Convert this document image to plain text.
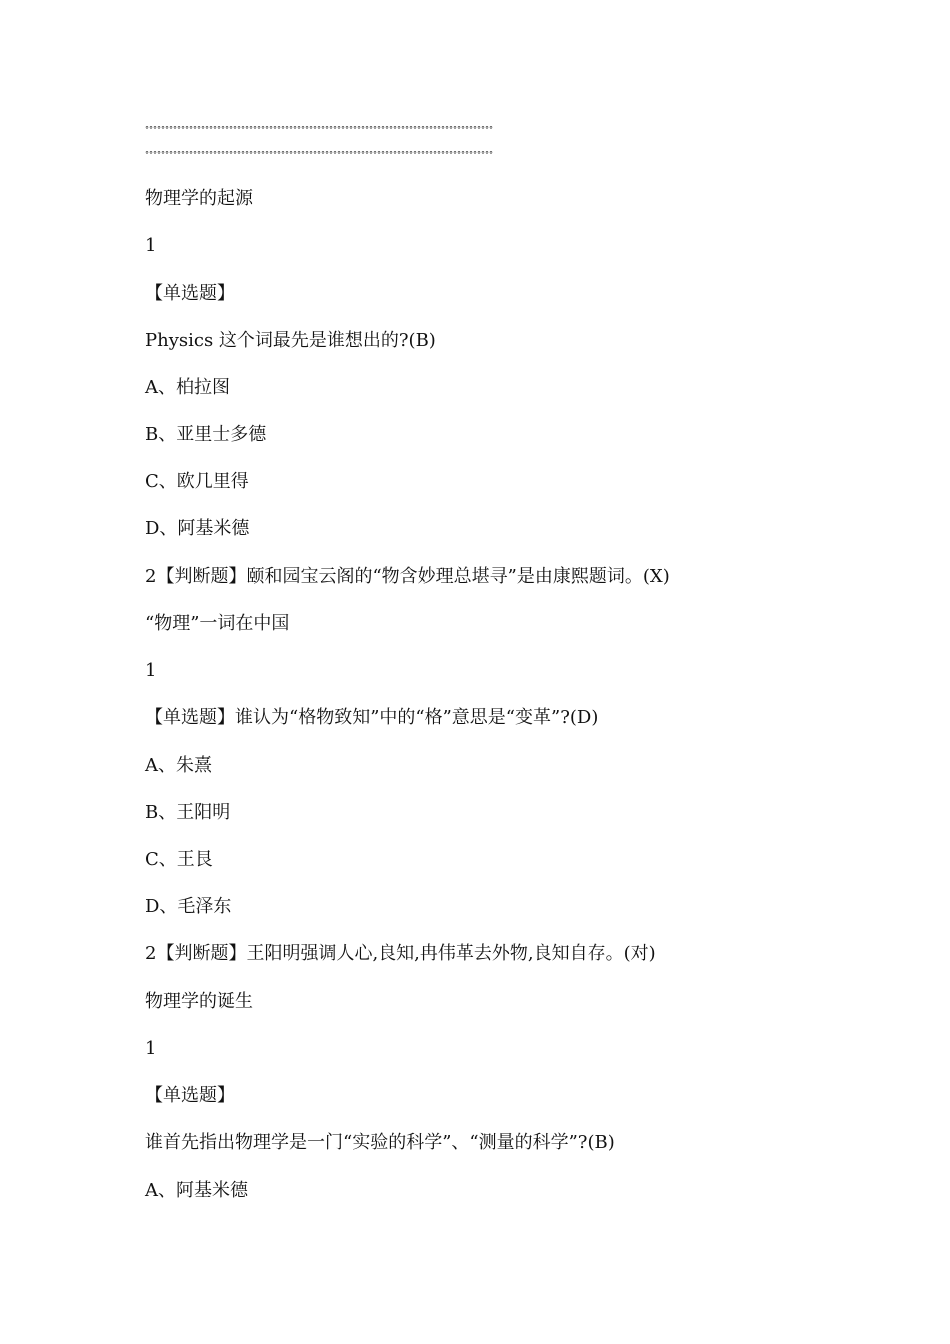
°°°°°°°°°°°°°°°°°°°°°°°°°°°°°°°°°°°°°°°°°°°°°°°°°°°°°°°°°°°°°°°°°°°°°°°°°°°°°°°°°°°°°°°
°°°°°°°°°°°°°°°°°°°°°°°°°°°°°°°°°°°°°°°°°°°°°°°°°°°°°°°°°°°°°°°°°°°°°°°°°°°°°°°°°°°°°°°
物理学的起源
1
【单选题】
Physics 这个词最先是谁想出的?(B)
A、柏拉图
B、亚里士多德
C、欧几里得
D、阿基米德
2【判断题】颐和园宝云阁的“物含妙理总堪寻”是由康熙题词。(X)
“物理”一词在中国
1
【单选题】谁认为“格物致知”中的“格”意思是“变革”?(D)
A、朱熹
B、王阳明
C、王艮
D、毛泽东
2【判断题】王阳明强调人心,良知,冉伟革去外物,良知自存。(对)
物理学的诞生
1
【单选题】
谁首先指出物理学是一门“实验的科学”、“测量的科学”?(B)
A、阿基米德
